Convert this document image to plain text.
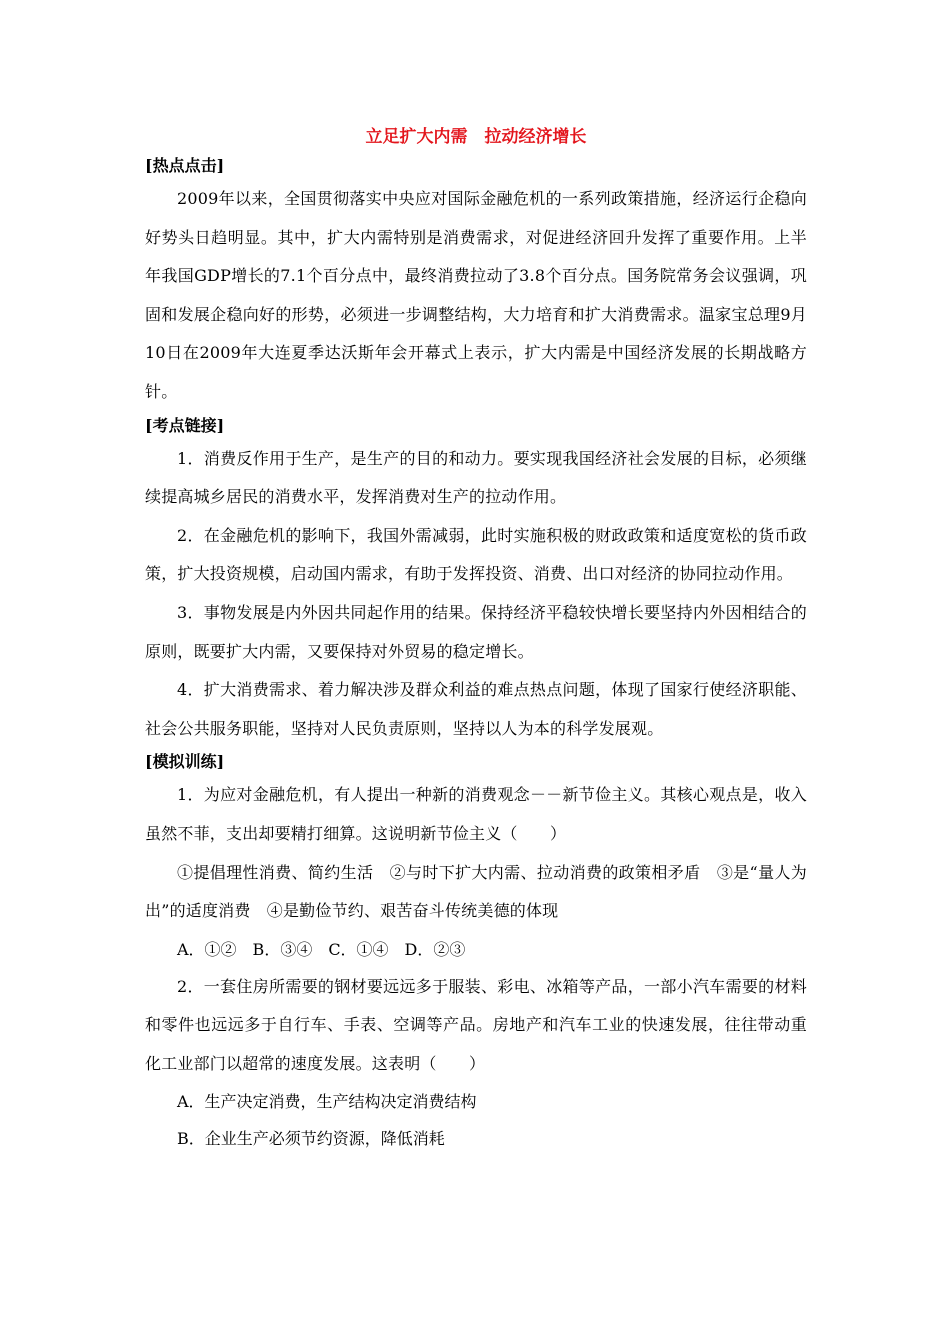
立足扩大内需　拉动经济增长
[热点点击]

2009年以来，全国贯彻落实中央应对国际金融危机的一系列政策措施，经济运行企稳向好势头日趋明显。其中，扩大内需特别是消费需求，对促进经济回升发挥了重要作用。上半年我国GDP增长的7.1个百分点中，最终消费拉动了3.8个百分点。国务院常务会议强调，巩固和发展企稳向好的形势，必须进一步调整结构，大力培育和扩大消费需求。温家宝总理9月10日在2009年大连夏季达沃斯年会开幕式上表示，扩大内需是中国经济发展的长期战略方针。

[考点链接]

1．消费反作用于生产，是生产的目的和动力。要实现我国经济社会发展的目标，必须继续提高城乡居民的消费水平，发挥消费对生产的拉动作用。

2．在金融危机的影响下，我国外需减弱，此时实施积极的财政政策和适度宽松的货币政策，扩大投资规模，启动国内需求，有助于发挥投资、消费、出口对经济的协同拉动作用。

3．事物发展是内外因共同起作用的结果。保持经济平稳较快增长要坚持内外因相结合的原则，既要扩大内需，又要保持对外贸易的稳定增长。

4．扩大消费需求、着力解决涉及群众利益的难点热点问题，体现了国家行使经济职能、社会公共服务职能，坚持对人民负责原则，坚持以人为本的科学发展观。

[模拟训练]

1．为应对金融危机，有人提出一种新的消费观念－－新节俭主义。其核心观点是，收入虽然不菲，支出却要精打细算。这说明新节俭主义（　　）

①提倡理性消费、简约生活　②与时下扩大内需、拉动消费的政策相矛盾　③是“量人为出”的适度消费　④是勤俭节约、艰苦奋斗传统美德的体现

A．①②　B．③④　C．①④　D．②③

2．一套住房所需要的钢材要远远多于服装、彩电、冰箱等产品，一部小汽车需要的材料和零件也远远多于自行车、手表、空调等产品。房地产和汽车工业的快速发展，往往带动重化工业部门以超常的速度发展。这表明（　　）

A．生产决定消费，生产结构决定消费结构

B．企业生产必须节约资源，降低消耗
